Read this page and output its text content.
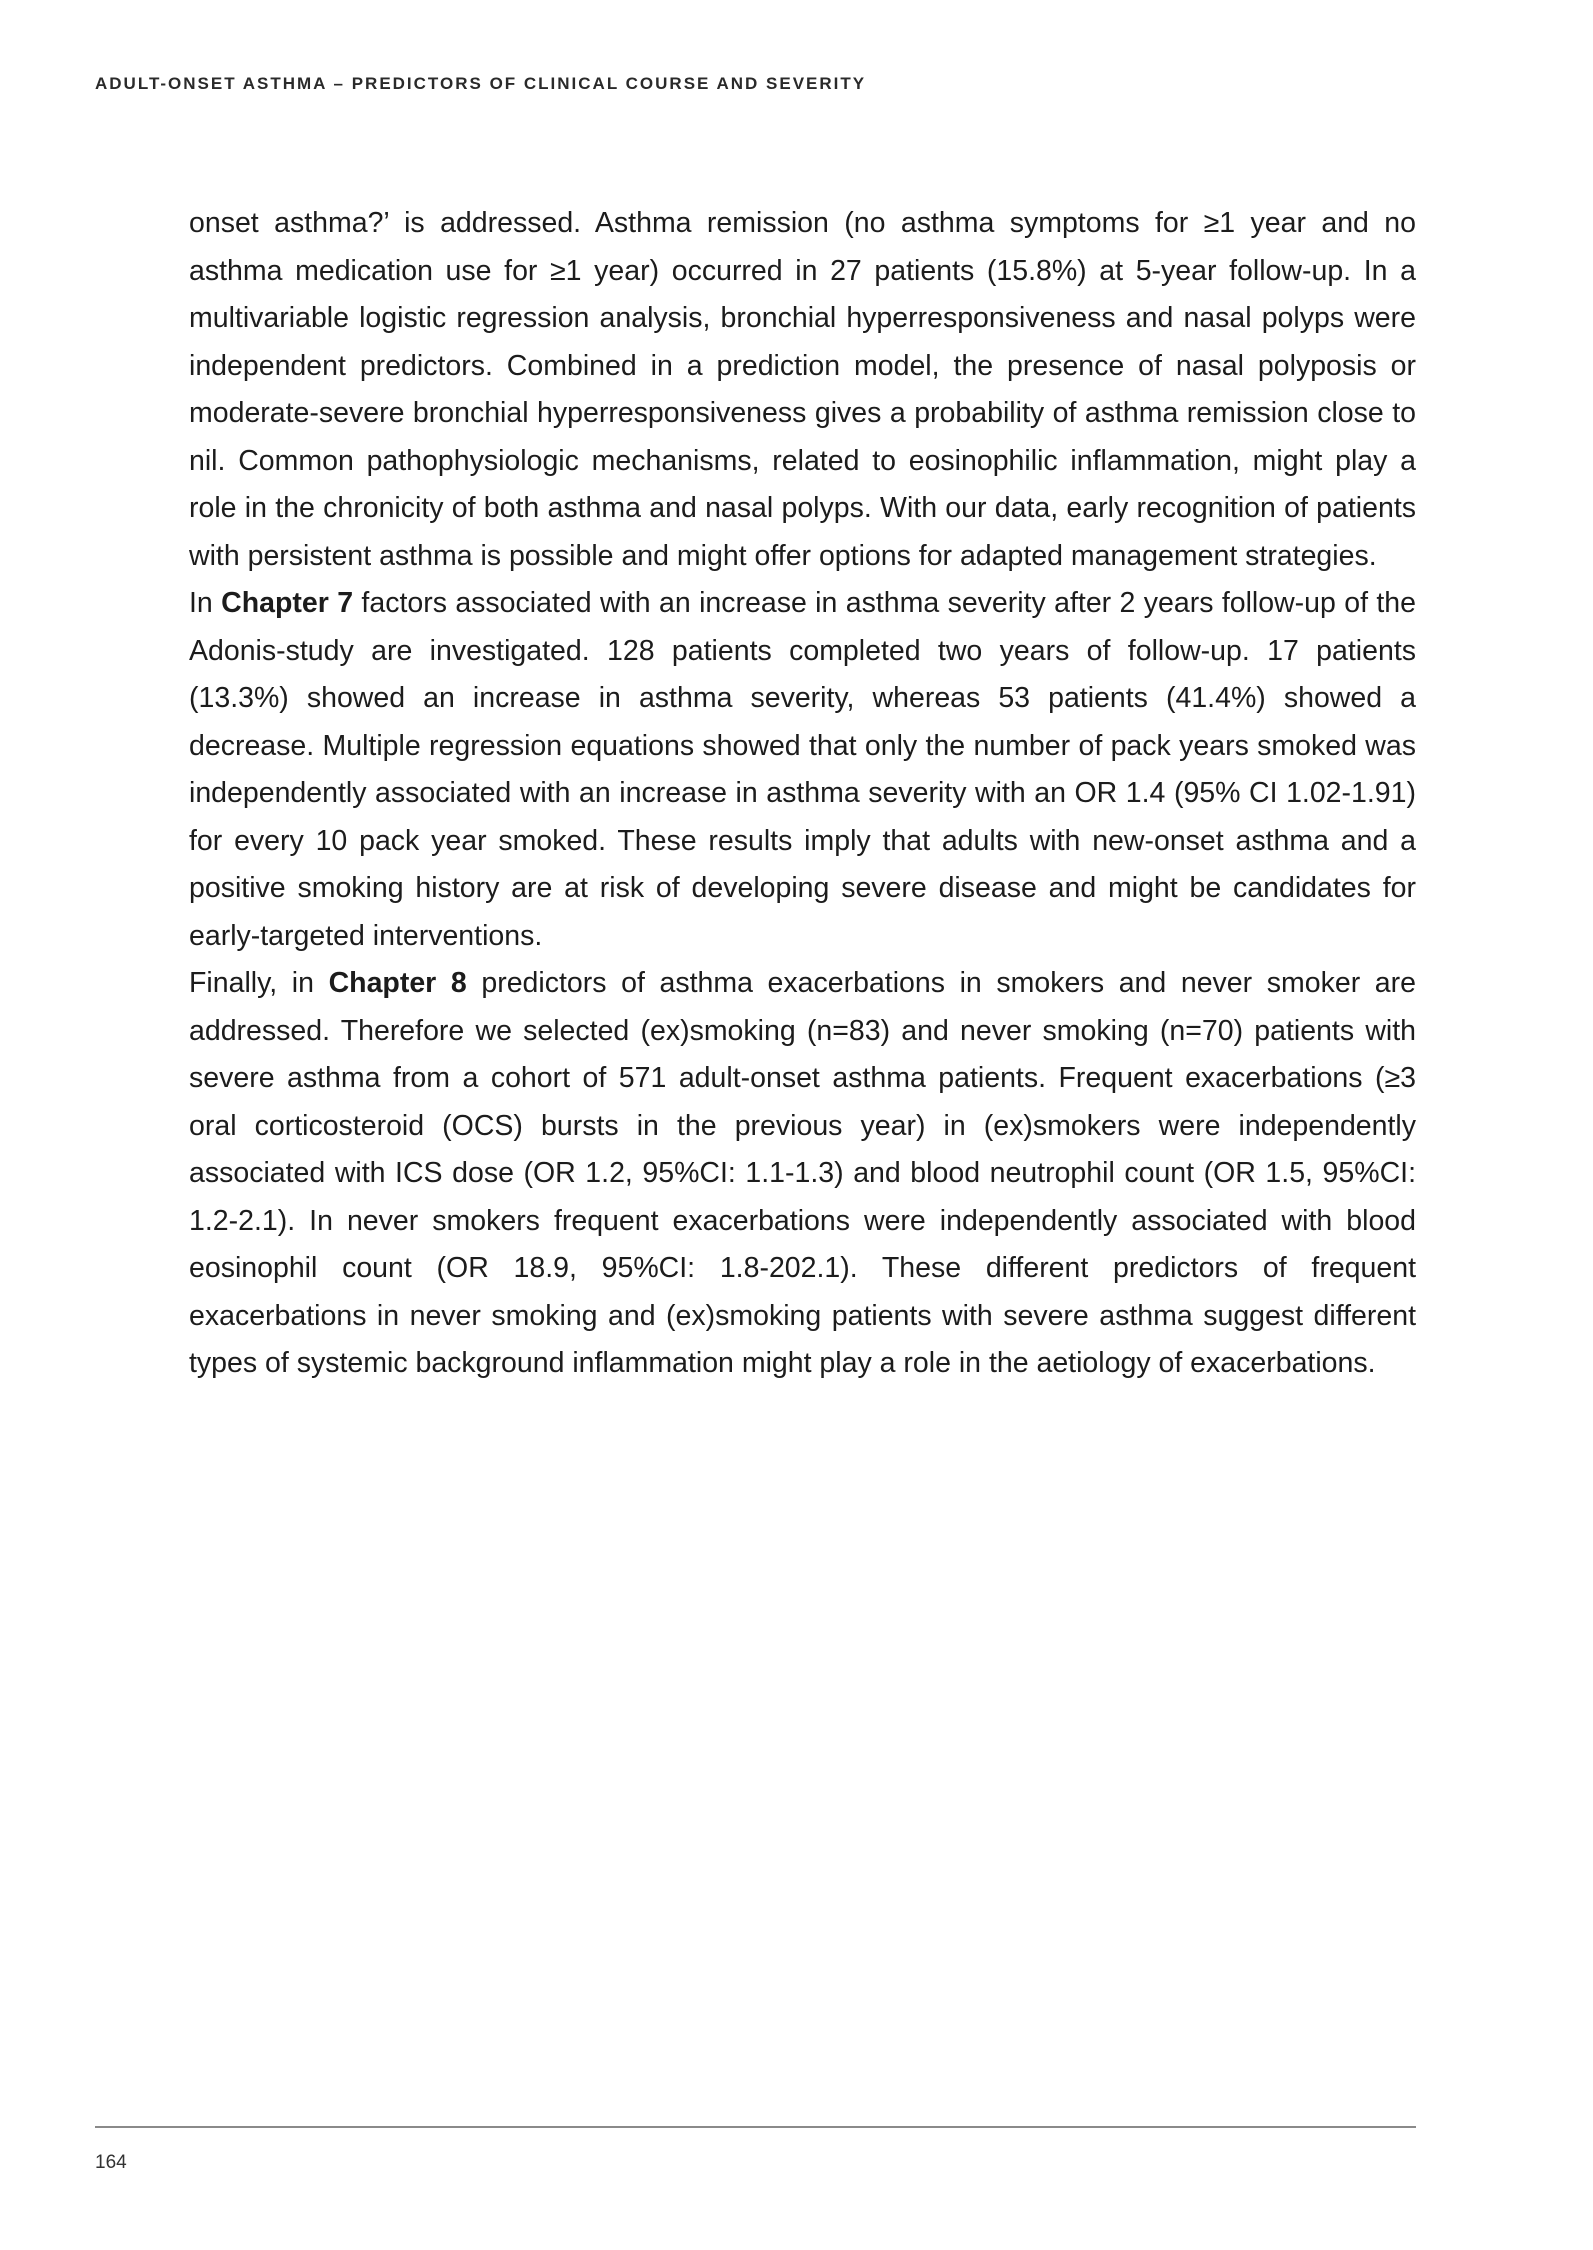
ADULT-ONSET ASTHMA – PREDICTORS OF CLINICAL COURSE AND SEVERITY

onset asthma?’ is addressed. Asthma remission (no asthma symptoms for ≥1 year and no asthma medication use for ≥1 year) occurred in 27 patients (15.8%) at 5-year follow-up. In a multivariable logistic regression analysis, bronchial hyperresponsiveness and nasal polyps were independent predictors. Combined in a prediction model, the presence of nasal polyposis or moderate-severe bronchial hyperresponsiveness gives a probability of asthma remission close to nil. Common pathophysiologic mechanisms, related to eosinophilic inflammation, might play a role in the chronicity of both asthma and nasal polyps. With our data, early recognition of patients with persistent asthma is possible and might offer options for adapted management strategies.

In Chapter 7 factors associated with an increase in asthma severity after 2 years follow-up of the Adonis-study are investigated. 128 patients completed two years of follow-up. 17 patients (13.3%) showed an increase in asthma severity, whereas 53 patients (41.4%) showed a decrease. Multiple regression equations showed that only the number of pack years smoked was independently associated with an increase in asthma severity with an OR 1.4 (95% CI 1.02-1.91) for every 10 pack year smoked. These results imply that adults with new-onset asthma and a positive smoking history are at risk of developing severe disease and might be candidates for early-targeted interventions.

Finally, in Chapter 8 predictors of asthma exacerbations in smokers and never smoker are addressed. Therefore we selected (ex)smoking (n=83) and never smoking (n=70) patients with severe asthma from a cohort of 571 adult-onset asthma patients. Frequent exacerbations (≥3 oral corticosteroid (OCS) bursts in the previous year) in (ex)smokers were independently associated with ICS dose (OR 1.2, 95%CI: 1.1-1.3) and blood neutrophil count (OR 1.5, 95%CI: 1.2-2.1). In never smokers frequent exacerbations were independently associated with blood eosinophil count (OR 18.9, 95%CI: 1.8-202.1). These different predictors of frequent exacerbations in never smoking and (ex)smoking patients with severe asthma suggest different types of systemic background inflammation might play a role in the aetiology of exacerbations.

164
